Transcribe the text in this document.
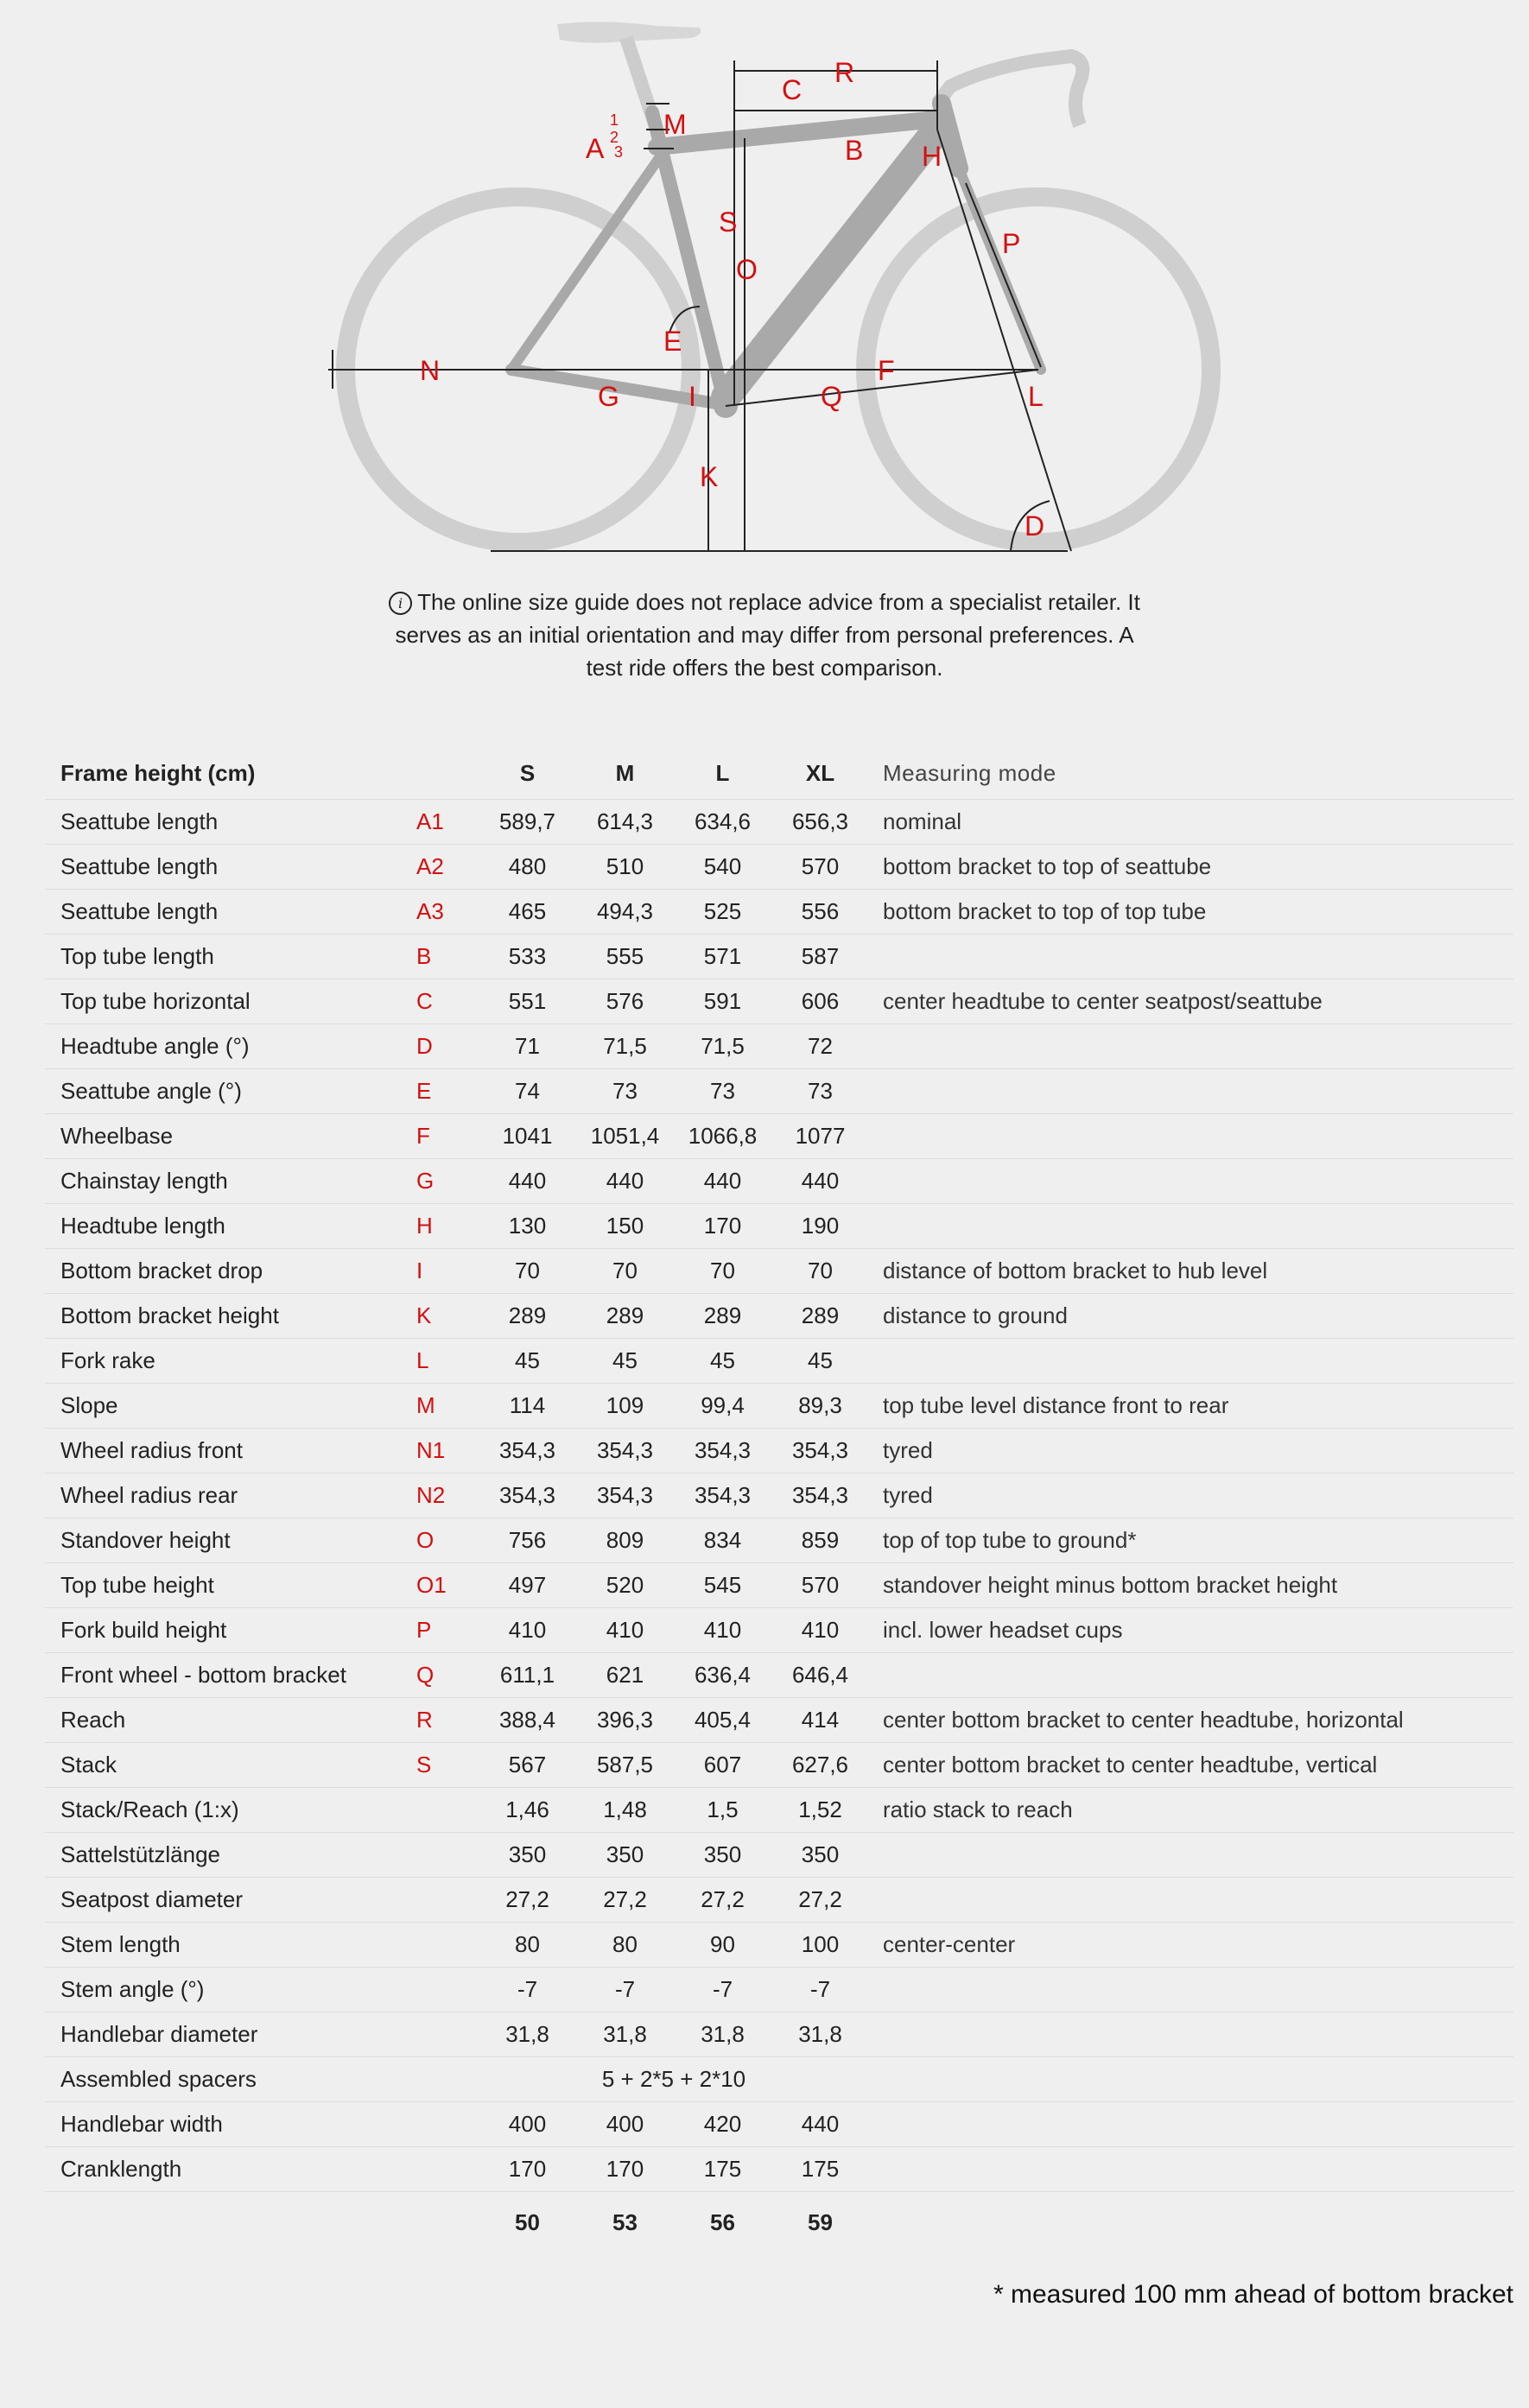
R
C
M
A
1
2
3	B H
S
O
P
E
N	F
G	I	Q	L
K
D
i The online size guide does not replace advice from a specialist retailer. It
serves as an initial orientation and may differ from personal preferences. A
test ride offers the best comparison.
Frame height (cm)		S	M	L	XL	Measuring mode
Seattube length	A1	589,7	614,3	634,6	656,3	nominal
Seattube length	A2	480	510	540	570	bottom bracket to top of seattube
Seattube length	A3	465	494,3	525	556	bottom bracket to top of top tube
Top tube length	B	533	555	571	587	
Top tube horizontal	C	551	576	591	606	center headtube to center seatpost/seattube
Headtube angle (°)	D	71	71,5	71,5	72	
Seattube angle (°)	E	74	73	73	73	
Wheelbase	F	1041	1051,4	1066,8	1077	
Chainstay length	G	440	440	440	440	
Headtube length	H	130	150	170	190	
Bottom bracket drop	I	70	70	70	70	distance of bottom bracket to hub level
Bottom bracket height	K	289	289	289	289	distance to ground
Fork rake	L	45	45	45	45	
Slope	M	114	109	99,4	89,3	top tube level distance front to rear
Wheel radius front	N1	354,3	354,3	354,3	354,3	tyred
Wheel radius rear	N2	354,3	354,3	354,3	354,3	tyred
Standover height	O	756	809	834	859	top of top tube to ground*
Top tube height	O1	497	520	545	570	standover height minus bottom bracket height
Fork build height	P	410	410	410	410	incl. lower headset cups
Front wheel - bottom bracket	Q	611,1	621	636,4	646,4	
Reach	R	388,4	396,3	405,4	414	center bottom bracket to center headtube, horizontal
Stack	S	567	587,5	607	627,6	center bottom bracket to center headtube, vertical
Stack/Reach (1:x)		1,46	1,48	1,5	1,52	ratio stack to reach
Sattelstützlänge		350	350	350	350	
Seatpost diameter		27,2	27,2	27,2	27,2	
Stem length		80	80	90	100	center-center
Stem angle (°)		-7	-7	-7	-7	
Handlebar diameter		31,8	31,8	31,8	31,8	
Assembled spacers		5 + 2*5 + 2*10				
Handlebar width		400	400	420	440	
Cranklength		170	170	175	175	
		50	53	56	59	
* measured 100 mm ahead of bottom bracket
